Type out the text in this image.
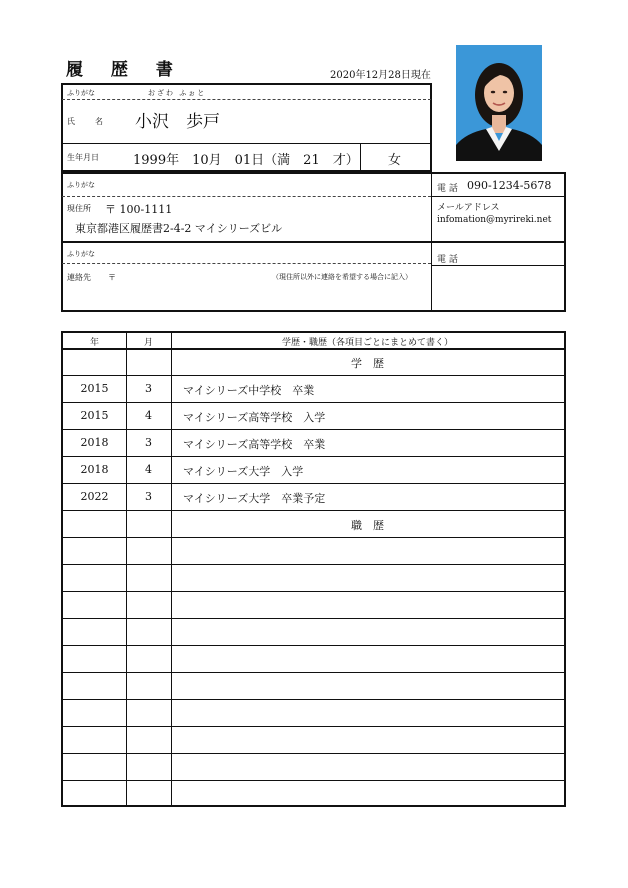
履 歴 書	2020年12月28日現在
ふりがな	おざわ ふぉと
氏　名 小沢　歩戸
生年月日	1999年　10月　01日（満　21　才） 女
ふりがな
現住所 〒 100-1111
東京都港区履歴書2-4-2 マイシリーズビル
電 話 090-1234-5678
メールアドレス
infomation@myrireki.net
ふりがな
連絡先 〒	（現住所以外に連絡を希望する場合に記入）
電 話
年	月	学歴・職歴（各項目ごとにまとめて書く）
学　歴
2015	3	マイシリーズ中学校　卒業
2015	4	マイシリーズ高等学校　入学
2018	3	マイシリーズ高等学校　卒業
2018	4	マイシリーズ大学　入学
2022	3	マイシリーズ大学　卒業予定
職　歴
